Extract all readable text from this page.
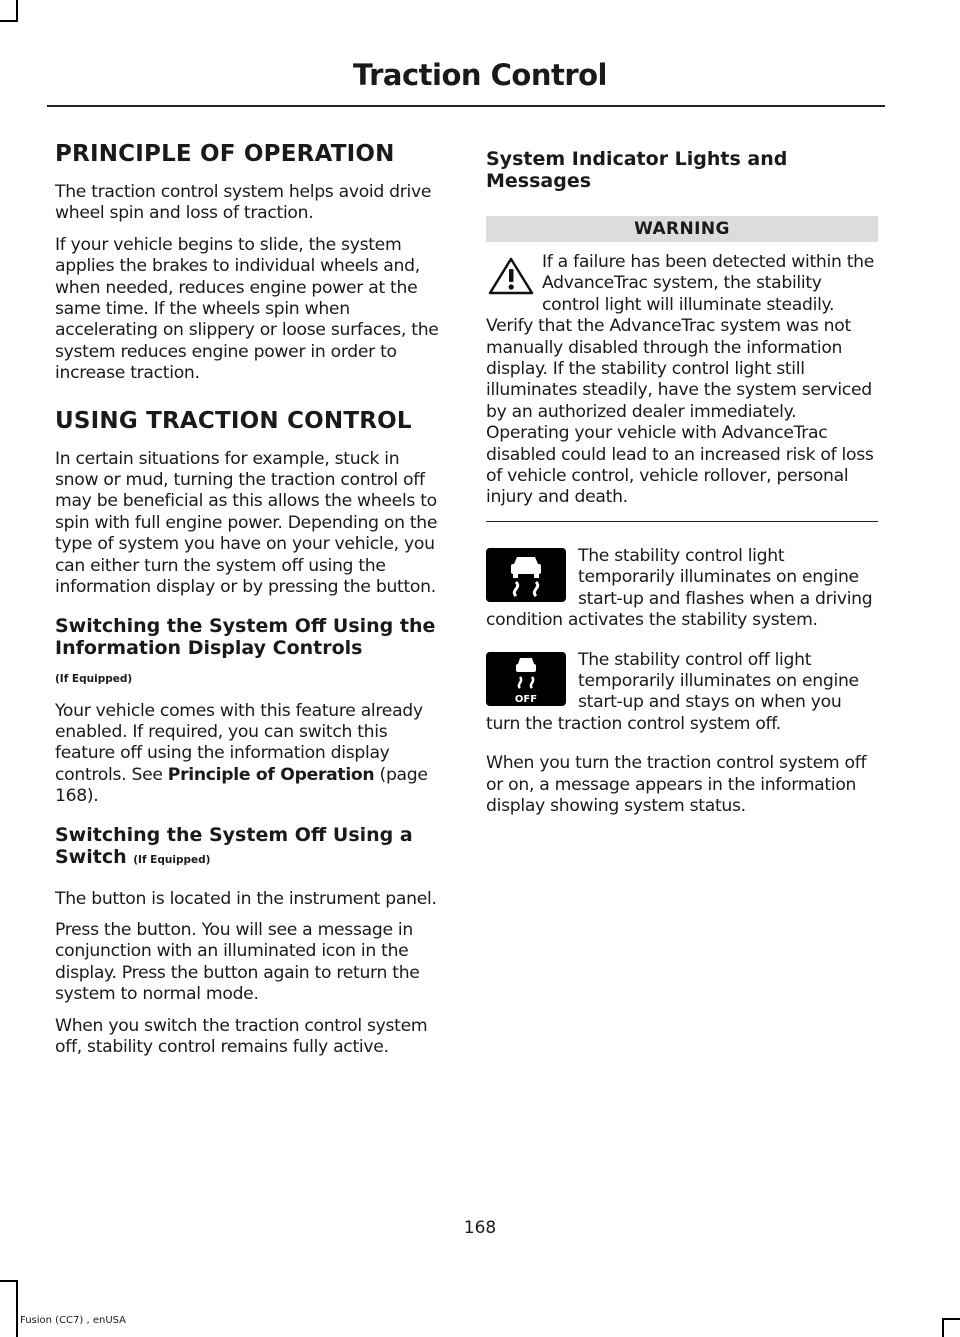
Traction Control
PRINCIPLE OF OPERATION

The traction control system helps avoid drive wheel spin and loss of traction.

If your vehicle begins to slide, the system applies the brakes to individual wheels and, when needed, reduces engine power at the same time. If the wheels spin when accelerating on slippery or loose surfaces, the system reduces engine power in order to increase traction.

USING TRACTION CONTROL

In certain situations for example, stuck in snow or mud, turning the traction control off may be beneficial as this allows the wheels to spin with full engine power. Depending on the type of system you have on your vehicle, you can either turn the system off using the information display or by pressing the button.

Switching the System Off Using the Information Display Controls
(If Equipped)

Your vehicle comes with this feature already enabled. If required, you can switch this feature off using the information display controls. See Principle of Operation (page 168).

Switching the System Off Using a Switch (If Equipped)

The button is located in the instrument panel.

Press the button. You will see a message in conjunction with an illuminated icon in the display. Press the button again to return the system to normal mode.

When you switch the traction control system off, stability control remains fully active.

System Indicator Lights and Messages
WARNING

If a failure has been detected within the AdvanceTrac system, the stability control light will illuminate steadily. Verify that the AdvanceTrac system was not manually disabled through the information display. If the stability control light still illuminates steadily, have the system serviced by an authorized dealer immediately. Operating your vehicle with AdvanceTrac disabled could lead to an increased risk of loss of vehicle control, vehicle rollover, personal injury and death.

The stability control light temporarily illuminates on engine start-up and flashes when a driving condition activates the stability system.

OFF

The stability control off light temporarily illuminates on engine start-up and stays on when you turn the traction control system off.

When you turn the traction control system off or on, a message appears in the information display showing system status.

168
Fusion (CC7) , enUSA
